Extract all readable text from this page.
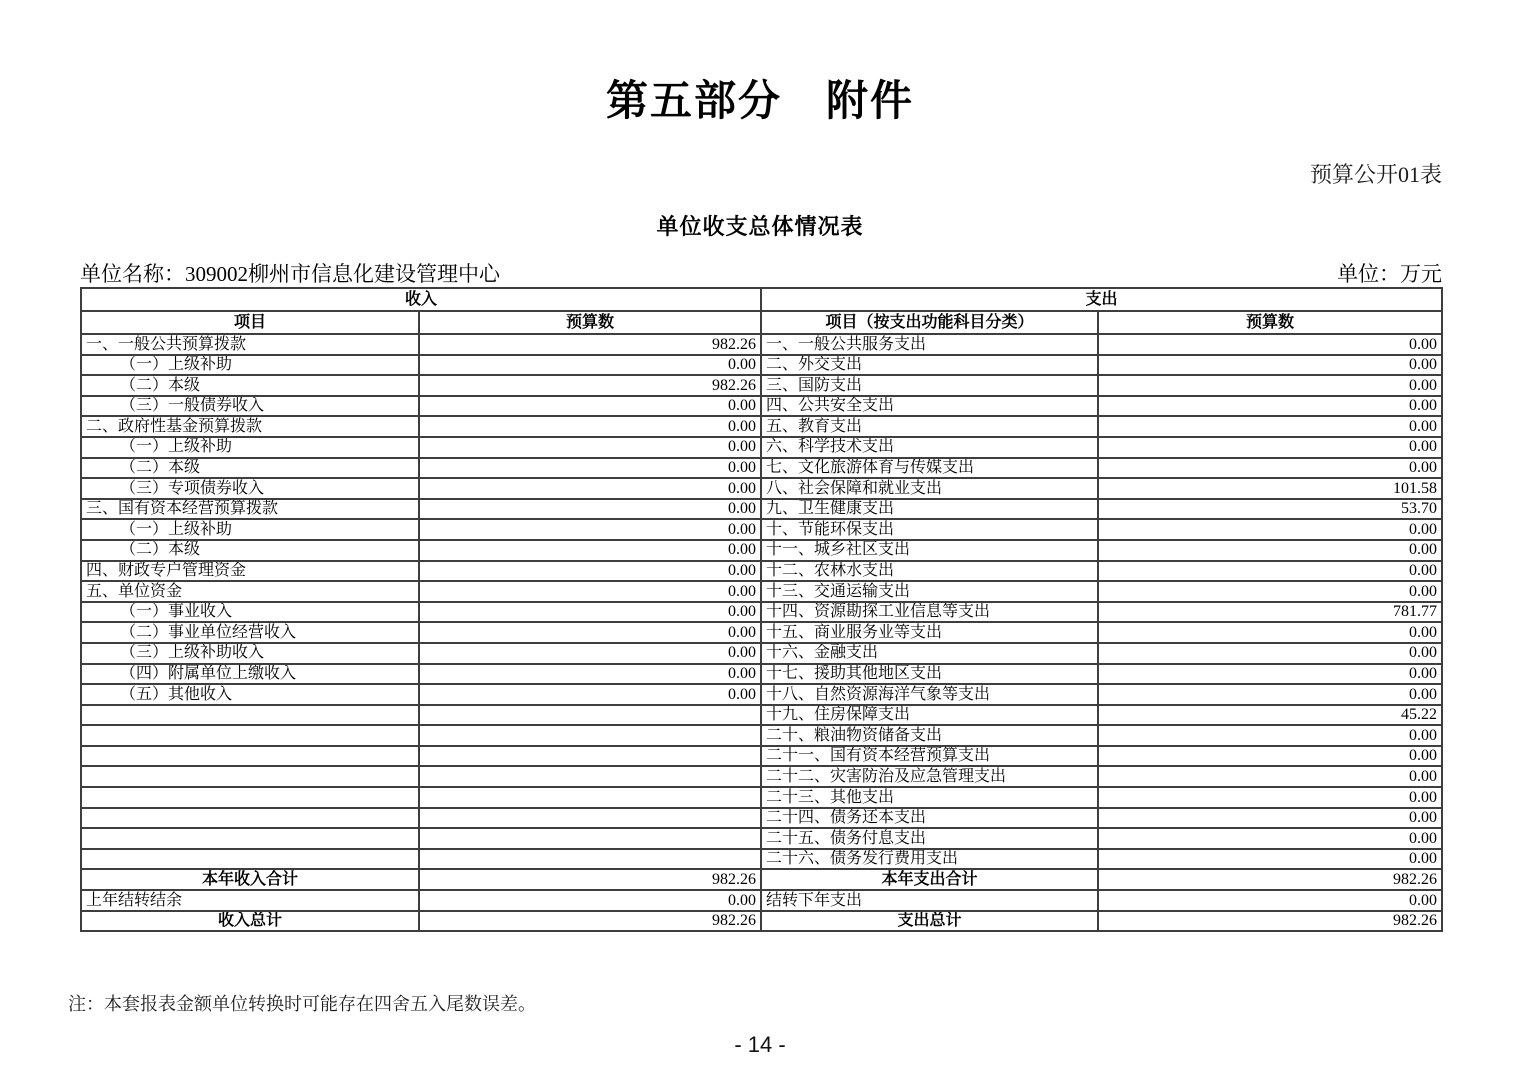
第五部分　附件
预算公开01表
单位收支总体情况表
单位名称：309002柳州市信息化建设管理中心	单位：万元
收入		支出	
项目	预算数	项目（按支出功能科目分类）	预算数
一、一般公共预算拨款	982.26	一、一般公共服务支出	0.00
（一）上级补助	0.00	二、外交支出	0.00
（二）本级	982.26	三、国防支出	0.00
（三）一般债券收入	0.00	四、公共安全支出	0.00
二、政府性基金预算拨款	0.00	五、教育支出	0.00
（一）上级补助	0.00	六、科学技术支出	0.00
（二）本级	0.00	七、文化旅游体育与传媒支出	0.00
（三）专项债券收入	0.00	八、社会保障和就业支出	101.58
三、国有资本经营预算拨款	0.00	九、卫生健康支出	53.70
（一）上级补助	0.00	十、节能环保支出	0.00
（二）本级	0.00	十一、城乡社区支出	0.00
四、财政专户管理资金	0.00	十二、农林水支出	0.00
五、单位资金	0.00	十三、交通运输支出	0.00
（一）事业收入	0.00	十四、资源勘探工业信息等支出	781.77
（二）事业单位经营收入	0.00	十五、商业服务业等支出	0.00
（三）上级补助收入	0.00	十六、金融支出	0.00
（四）附属单位上缴收入	0.00	十七、援助其他地区支出	0.00
（五）其他收入	0.00	十八、自然资源海洋气象等支出	0.00
		十九、住房保障支出	45.22
		二十、粮油物资储备支出	0.00
		二十一、国有资本经营预算支出	0.00
		二十二、灾害防治及应急管理支出	0.00
		二十三、其他支出	0.00
		二十四、债务还本支出	0.00
		二十五、债务付息支出	0.00
		二十六、债务发行费用支出	0.00
本年收入合计	982.26	本年支出合计	982.26
上年结转结余	0.00	结转下年支出	0.00
收入总计	982.26	支出总计	982.26
注：本套报表金额单位转换时可能存在四舍五入尾数误差。
- 14 -
